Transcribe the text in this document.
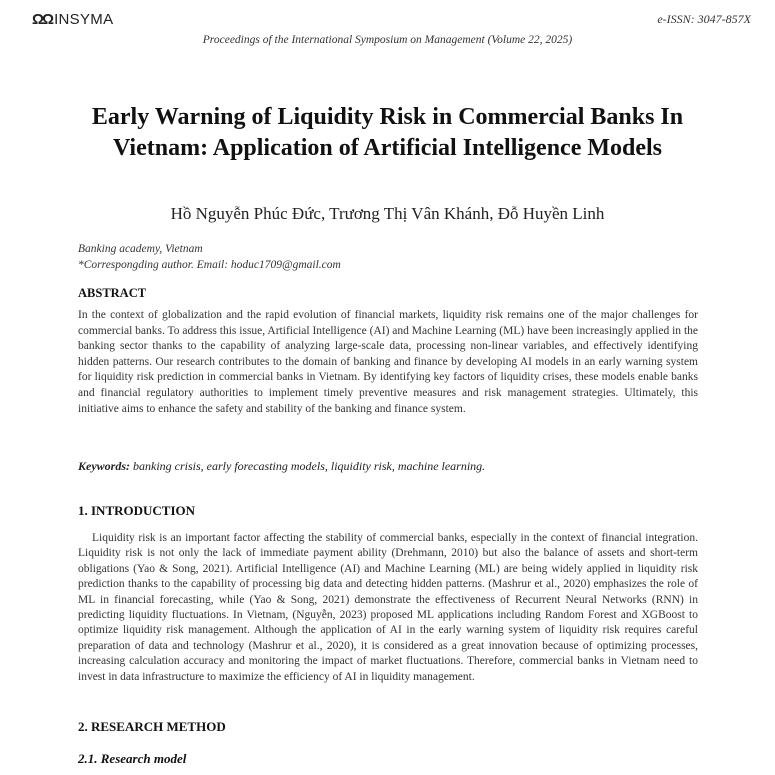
ΩΩ INSYMA	e-ISSN: 3047-857X
Proceedings of the International Symposium on Management (Volume 22, 2025)
Early Warning of Liquidity Risk in Commercial Banks In Vietnam: Application of Artificial Intelligence Models
Hồ Nguyễn Phúc Đức, Trương Thị Vân Khánh, Đỗ Huyền Linh
Banking academy, Vietnam
*Correspongding author. Email: hoduc1709@gmail.com
ABSTRACT
In the context of globalization and the rapid evolution of financial markets, liquidity risk remains one of the major challenges for commercial banks. To address this issue, Artificial Intelligence (AI) and Machine Learning (ML) have been increasingly applied in the banking sector thanks to the capability of analyzing large-scale data, processing non-linear variables, and effectively identifying hidden patterns. Our research contributes to the domain of banking and finance by developing AI models in an early warning system for liquidity risk prediction in commercial banks in Vietnam. By identifying key factors of liquidity crises, these models enable banks and financial regulatory authorities to implement timely preventive measures and risk management strategies. Ultimately, this initiative aims to enhance the safety and stability of the banking and finance system.
Keywords: banking crisis, early forecasting models, liquidity risk, machine learning.
1. INTRODUCTION
Liquidity risk is an important factor affecting the stability of commercial banks, especially in the context of financial integration. Liquidity risk is not only the lack of immediate payment ability (Drehmann, 2010) but also the balance of assets and short-term obligations (Yao & Song, 2021). Artificial Intelligence (AI) and Machine Learning (ML) are being widely applied in liquidity risk prediction thanks to the capability of processing big data and detecting hidden patterns. (Mashrur et al., 2020) emphasizes the role of ML in financial forecasting, while (Yao & Song, 2021) demonstrate the effectiveness of Recurrent Neural Networks (RNN) in predicting liquidity fluctuations. In Vietnam, (Nguyễn, 2023) proposed ML applications including Random Forest and XGBoost to optimize liquidity risk management. Although the application of AI in the early warning system of liquidity risk requires careful preparation of data and technology (Mashrur et al., 2020), it is considered as a great innovation because of optimizing processes, increasing calculation accuracy and monitoring the impact of market fluctuations. Therefore, commercial banks in Vietnam need to invest in data infrastructure to maximize the efficiency of AI in liquidity management.
2. RESEARCH METHOD
2.1. Research model
